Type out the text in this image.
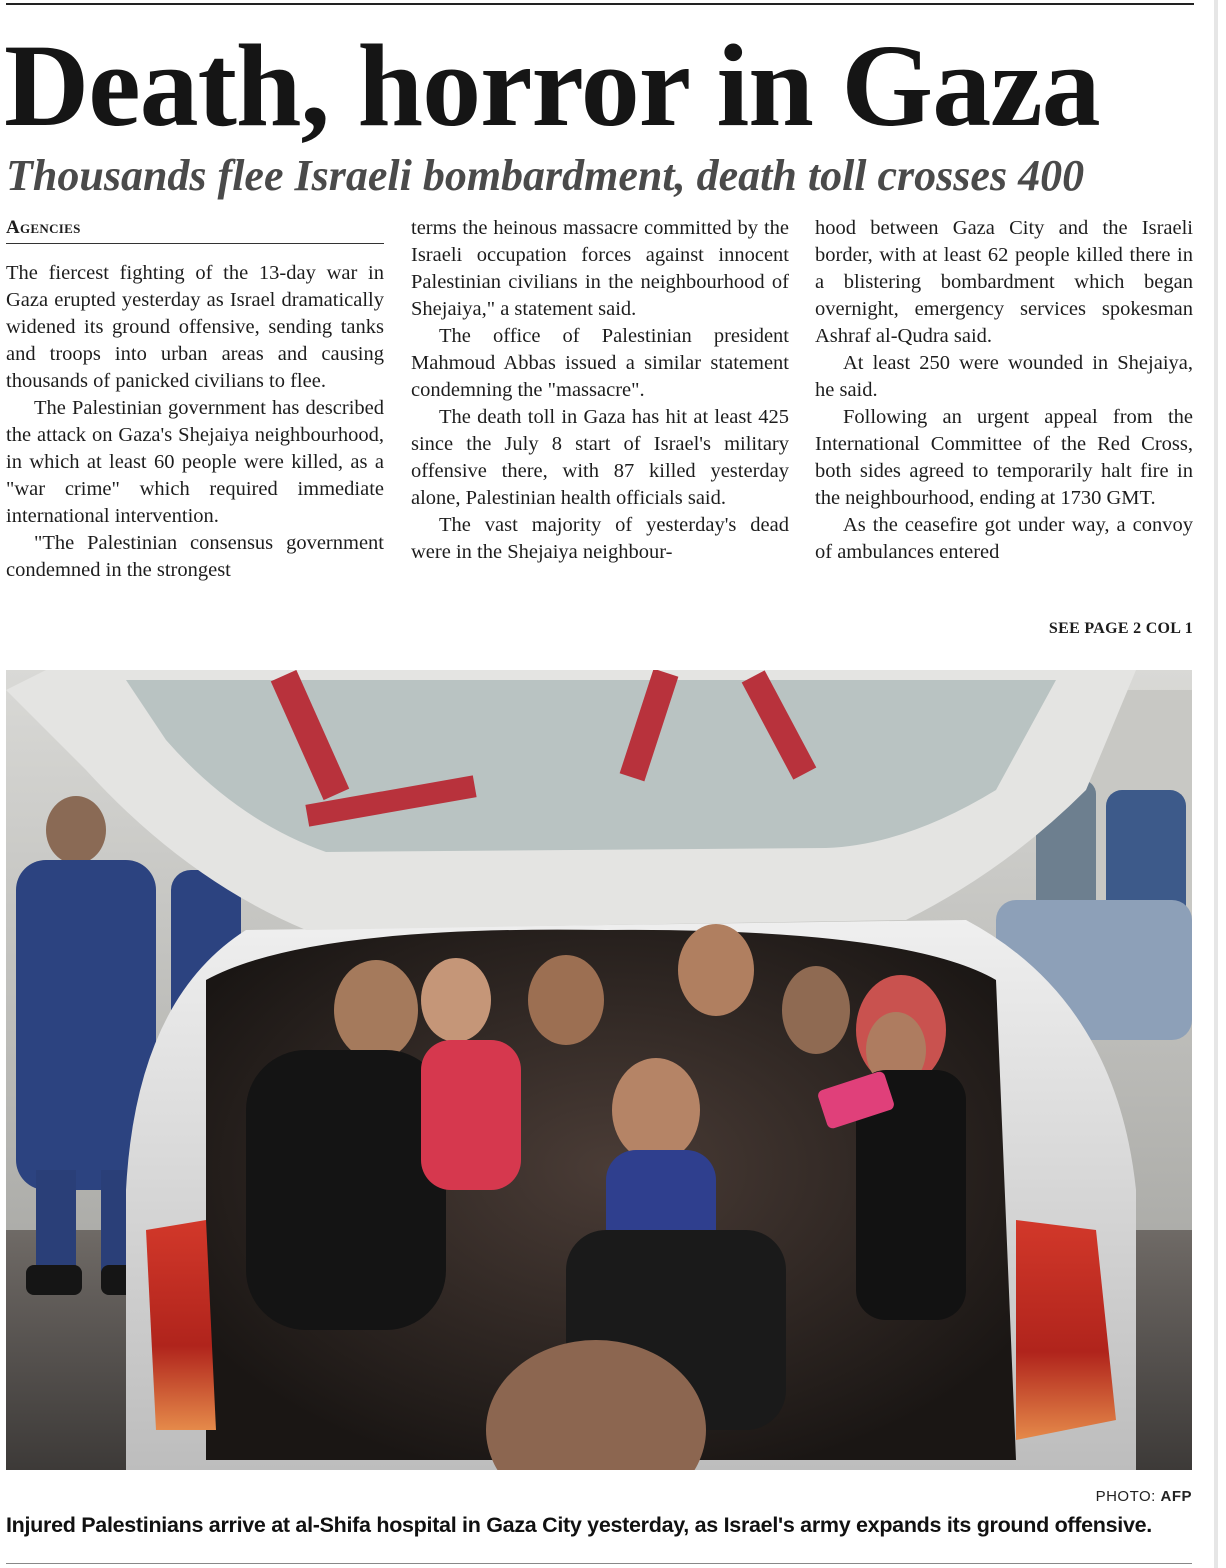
Death, horror in Gaza
Thousands flee Israeli bombardment, death toll crosses 400
Agencies

The fiercest fighting of the 13-day war in Gaza erupted yesterday as Israel dramatically widened its ground offensive, sending tanks and troops into urban areas and causing thousands of panicked civilians to flee.

The Palestinian government has described the attack on Gaza's Shejaiya neighbourhood, in which at least 60 people were killed, as a "war crime" which required immediate international intervention.

"The Palestinian consensus government condemned in the strongest

terms the heinous massacre committed by the Israeli occupation forces against innocent Palestinian civilians in the neighbourhood of Shejaiya," a statement said.

The office of Palestinian president Mahmoud Abbas issued a similar statement condemning the "massacre".

The death toll in Gaza has hit at least 425 since the July 8 start of Israel's military offensive there, with 87 killed yesterday alone, Palestinian health officials said.

The vast majority of yesterday's dead were in the Shejaiya neighbour-

hood between Gaza City and the Israeli border, with at least 62 people killed there in a blistering bombardment which began overnight, emergency services spokesman Ashraf al-Qudra said.

At least 250 were wounded in Shejaiya, he said.

Following an urgent appeal from the International Committee of the Red Cross, both sides agreed to temporarily halt fire in the neighbourhood, ending at 1730 GMT.

As the ceasefire got under way, a convoy of ambulances entered

SEE PAGE 2 COL 1
PHOTO: AFP

Injured Palestinians arrive at al-Shifa hospital in Gaza City yesterday, as Israel's army expands its ground offensive.
